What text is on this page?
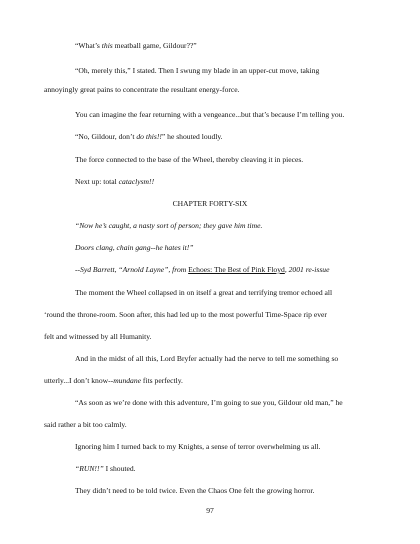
“What’s this meatball game, Gildour??”
“Oh, merely this,” I stated. Then I swung my blade in an upper-cut move, taking
annoyingly great pains to concentrate the resultant energy-force.
You can imagine the fear returning with a vengeance...but that’s because I’m telling you.
“No, Gildour, don’t do this!!” he shouted loudly.
The force connected to the base of the Wheel, thereby cleaving it in pieces.
Next up: total cataclysm!!
CHAPTER FORTY-SIX
“Now he’s caught, a nasty sort of person; they gave him time.
Doors clang, chain gang--he hates it!”
--Syd Barrett, “Arnold Layne”, from Echoes: The Best of Pink Floyd, 2001 re-issue
The moment the Wheel collapsed in on itself a great and terrifying tremor echoed all
‘round the throne-room. Soon after, this had led up to the most powerful Time-Space rip ever
felt and witnessed by all Humanity.
And in the midst of all this, Lord Bryfer actually had the nerve to tell me something so
utterly...I don’t know--mundane fits perfectly.
“As soon as we’re done with this adventure, I’m going to sue you, Gildour old man,” he
said rather a bit too calmly.
Ignoring him I turned back to my Knights, a sense of terror overwhelming us all.
“RUN!!” I shouted.
They didn’t need to be told twice. Even the Chaos One felt the growing horror.
97
